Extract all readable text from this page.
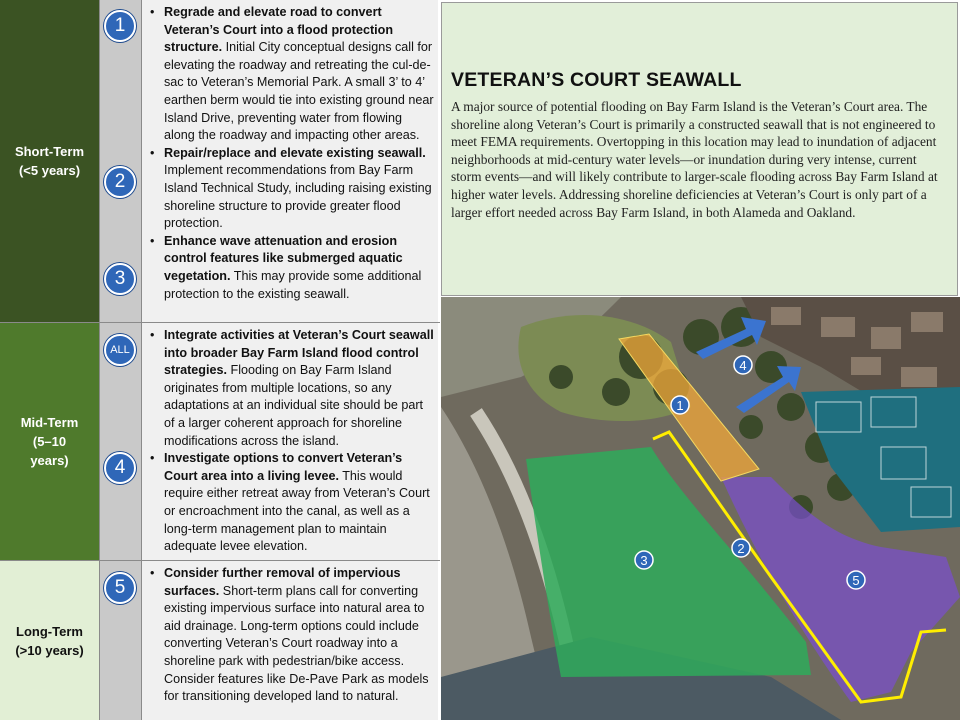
Short-Term
(<5 years)
Mid-Term
(5–10
years)
Long-Term
(>10 years)
1
2
3
ALL
4
5
• Regrade and elevate road to convert Veteran’s Court into a flood protection structure. Initial City conceptual designs call for elevating the roadway and retreating the cul-de-sac to Veteran’s Memorial Park. A small 3’ to 4’ earthen berm would tie into existing ground near Island Drive, preventing water from flowing along the roadway and impacting other areas.
• Repair/replace and elevate existing seawall. Implement recommendations from Bay Farm Island Technical Study, including raising existing shoreline structure to provide greater flood protection.
• Enhance wave attenuation and erosion control features like submerged aquatic vegetation. This may provide some additional protection to the existing seawall.
• Integrate activities at Veteran’s Court seawall into broader Bay Farm Island flood control strategies. Flooding on Bay Farm Island originates from multiple locations, so any adaptations at an individual site should be part of a larger coherent approach for shoreline modifications across the island.
• Investigate options to convert Veteran’s Court area into a living levee. This would require either retreat away from Veteran’s Court or encroachment into the canal, as well as a long-term management plan to maintain adequate levee elevation.
• Consider further removal of impervious surfaces. Short-term plans call for converting existing impervious surface into natural area to aid drainage. Long-term options could include converting Veteran’s Court roadway into a shoreline park with pedestrian/bike access. Consider features like De-Pave Park as models for transitioning developed land to natural.
VETERAN’S COURT SEAWALL

A major source of potential flooding on Bay Farm Island is the Veteran’s Court area. The shoreline along Veteran’s Court is primarily a constructed seawall that is not engineered to meet FEMA requirements. Overtopping in this location may lead to inundation of adjacent neighborhoods at mid-century water levels—or inundation during very intense, current storm events—and will likely contribute to larger-scale flooding across Bay Farm Island at higher water levels. Addressing shoreline deficiencies at Veteran’s Court is only part of a larger effort needed across Bay Farm Island, in both Alameda and Oakland.

1
2
3
4
5
